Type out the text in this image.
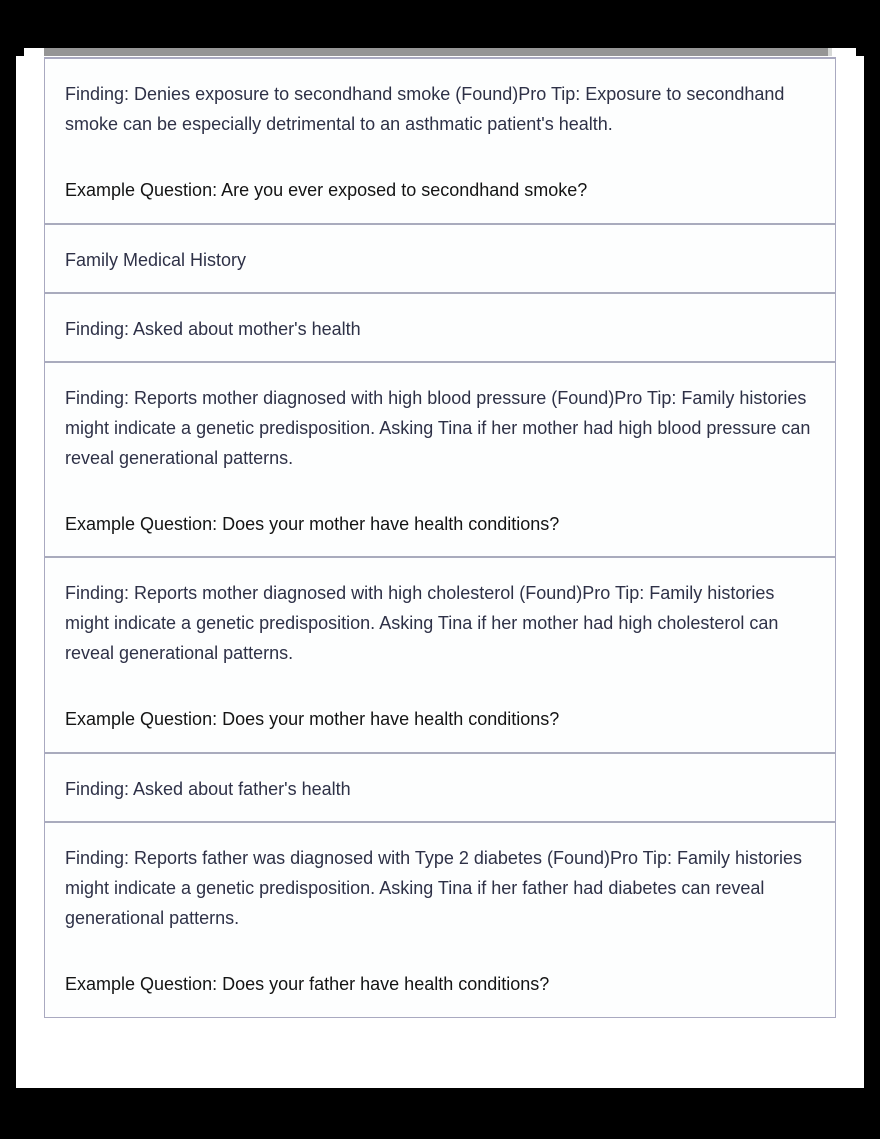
Finding: Denies exposure to secondhand smoke (Found)Pro Tip: Exposure to secondhand smoke can be especially detrimental to an asthmatic patient's health.
Example Question: Are you ever exposed to secondhand smoke?
Family Medical History
Finding: Asked about mother's health
Finding: Reports mother diagnosed with high blood pressure (Found)Pro Tip: Family histories might indicate a genetic predisposition. Asking Tina if her mother had high blood pressure can reveal generational patterns.
Example Question: Does your mother have health conditions?
Finding: Reports mother diagnosed with high cholesterol (Found)Pro Tip: Family histories might indicate a genetic predisposition. Asking Tina if her mother had high cholesterol can reveal generational patterns.
Example Question: Does your mother have health conditions?
Finding: Asked about father's health
Finding: Reports father was diagnosed with Type 2 diabetes (Found)Pro Tip: Family histories might indicate a genetic predisposition. Asking Tina if her father had diabetes can reveal generational patterns.
Example Question: Does your father have health conditions?
